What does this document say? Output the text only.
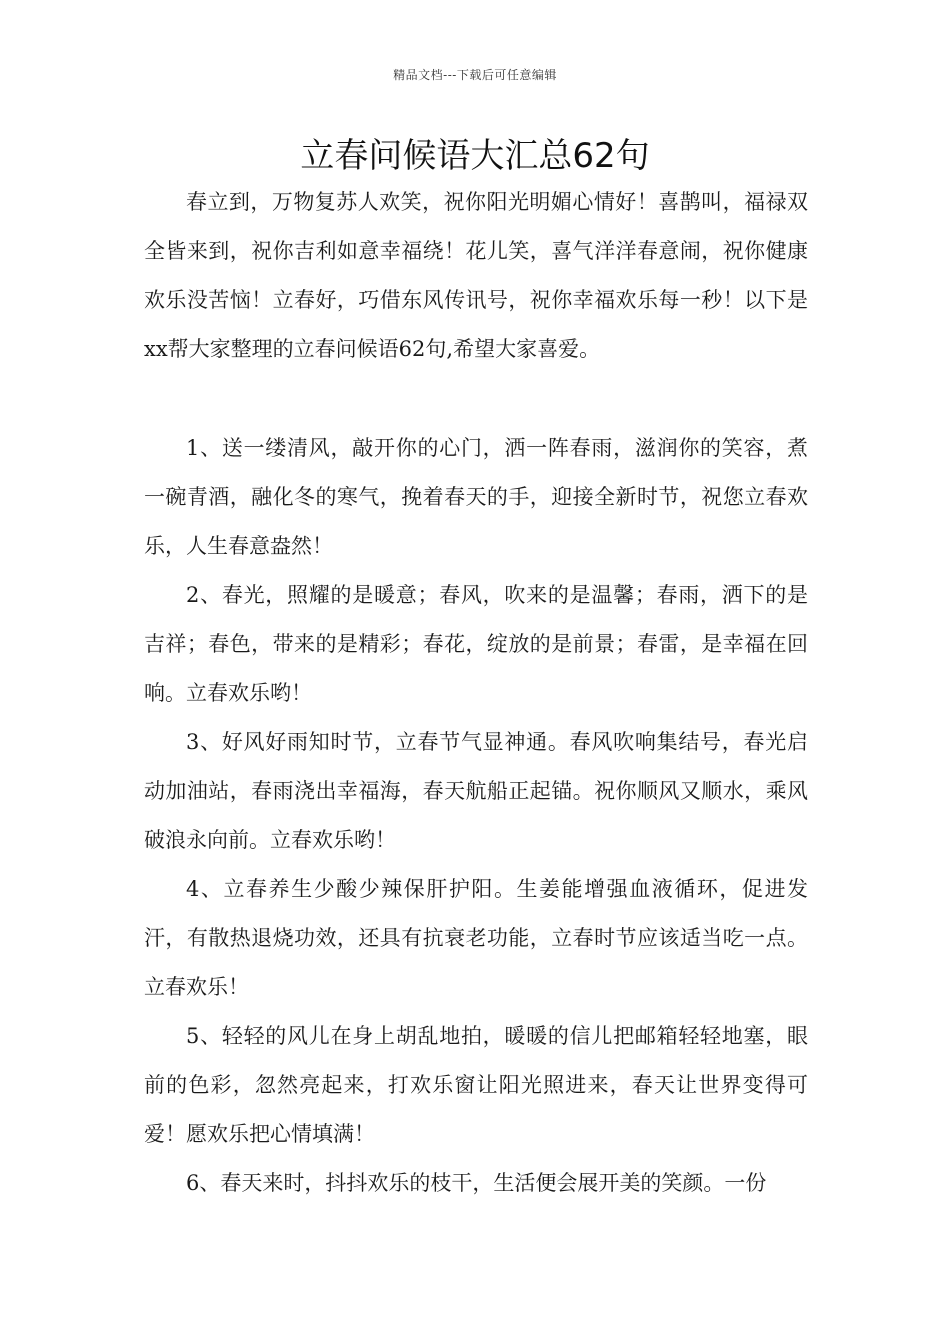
精品文档---下载后可任意编辑
立春问候语大汇总62句

春立到，万物复苏人欢笑，祝你阳光明媚心情好！喜鹊叫，福禄双全皆来到，祝你吉利如意幸福绕！花儿笑，喜气洋洋春意闹，祝你健康欢乐没苦恼！立春好，巧借东风传讯号，祝你幸福欢乐每一秒！以下是xx帮大家整理的立春问候语62句,希望大家喜爱。

1、送一缕清风，敲开你的心门，洒一阵春雨，滋润你的笑容，煮一碗青酒，融化冬的寒气，挽着春天的手，迎接全新时节，祝您立春欢乐，人生春意盎然！

2、春光，照耀的是暖意；春风，吹来的是温馨；春雨，洒下的是吉祥；春色，带来的是精彩；春花，绽放的是前景；春雷，是幸福在回响。立春欢乐哟！

3、好风好雨知时节，立春节气显神通。春风吹响集结号，春光启动加油站，春雨浇出幸福海，春天航船正起锚。祝你顺风又顺水，乘风破浪永向前。立春欢乐哟！

4、立春养生少酸少辣保肝护阳。生姜能增强血液循环，促进发汗，有散热退烧功效，还具有抗衰老功能，立春时节应该适当吃一点。立春欢乐！

5、轻轻的风儿在身上胡乱地拍，暖暖的信儿把邮箱轻轻地塞，眼前的色彩，忽然亮起来，打欢乐窗让阳光照进来，春天让世界变得可爱！愿欢乐把心情填满！

6、春天来时，抖抖欢乐的枝干，生活便会展开美的笑颜。一份
